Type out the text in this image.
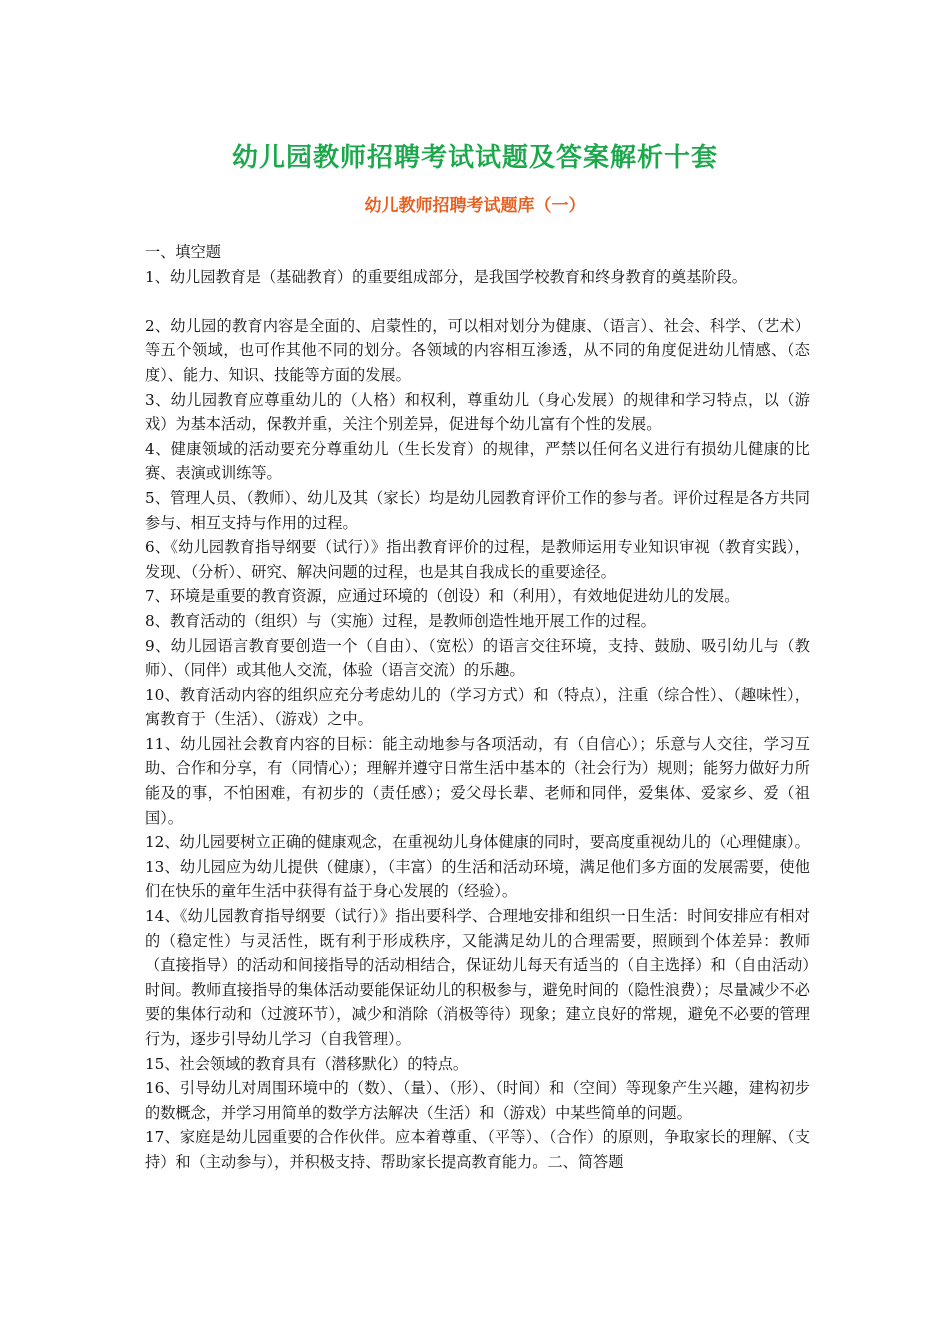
幼儿园教师招聘考试试题及答案解析十套
幼儿教师招聘考试题库（一）

一、填空题

1、幼儿园教育是（基础教育）的重要组成部分，是我国学校教育和终身教育的奠基阶段。

2、幼儿园的教育内容是全面的、启蒙性的，可以相对划分为健康、（语言）、社会、科学、（艺术）等五个领域，也可作其他不同的划分。各领域的内容相互渗透，从不同的角度促进幼儿情感、（态度）、能力、知识、技能等方面的发展。

3、幼儿园教育应尊重幼儿的（人格）和权利，尊重幼儿（身心发展）的规律和学习特点，以（游戏）为基本活动，保教并重，关注个别差异，促进每个幼儿富有个性的发展。

4、健康领域的活动要充分尊重幼儿（生长发育）的规律，严禁以任何名义进行有损幼儿健康的比赛、表演或训练等。

5、管理人员、（教师）、幼儿及其（家长）均是幼儿园教育评价工作的参与者。评价过程是各方共同参与、相互支持与作用的过程。

6、《幼儿园教育指导纲要（试行）》指出教育评价的过程，是教师运用专业知识审视（教育实践），发现、（分析）、研究、解决问题的过程，也是其自我成长的重要途径。

7、环境是重要的教育资源，应通过环境的（创设）和（利用），有效地促进幼儿的发展。

8、教育活动的（组织）与（实施）过程，是教师创造性地开展工作的过程。

9、幼儿园语言教育要创造一个（自由）、（宽松）的语言交往环境，支持、鼓励、吸引幼儿与（教师）、（同伴）或其他人交流，体验（语言交流）的乐趣。

10、教育活动内容的组织应充分考虑幼儿的（学习方式）和（特点），注重（综合性）、（趣味性），寓教育于（生活）、（游戏）之中。

11、幼儿园社会教育内容的目标：能主动地参与各项活动，有（自信心）；乐意与人交往，学习互助、合作和分享，有（同情心）；理解并遵守日常生活中基本的（社会行为）规则；能努力做好力所能及的事，不怕困难，有初步的（责任感）；爱父母长辈、老师和同伴，爱集体、爱家乡、爱（祖国）。

12、幼儿园要树立正确的健康观念，在重视幼儿身体健康的同时，要高度重视幼儿的（心理健康）。

13、幼儿园应为幼儿提供（健康），（丰富）的生活和活动环境，满足他们多方面的发展需要，使他们在快乐的童年生活中获得有益于身心发展的（经验）。

14、《幼儿园教育指导纲要（试行）》指出要科学、合理地安排和组织一日生活：时间安排应有相对的（稳定性）与灵活性，既有利于形成秩序，又能满足幼儿的合理需要，照顾到个体差异：教师（直接指导）的活动和间接指导的活动相结合，保证幼儿每天有适当的（自主选择）和（自由活动）时间。教师直接指导的集体活动要能保证幼儿的积极参与，避免时间的（隐性浪费）；尽量减少不必要的集体行动和（过渡环节），减少和消除（消极等待）现象；建立良好的常规，避免不必要的管理行为，逐步引导幼儿学习（自我管理）。

15、社会领域的教育具有（潜移默化）的特点。

16、引导幼儿对周围环境中的（数）、（量）、（形）、（时间）和（空间）等现象产生兴趣，建构初步的数概念，并学习用简单的数学方法解决（生活）和（游戏）中某些简单的问题。

17、家庭是幼儿园重要的合作伙伴。应本着尊重、（平等）、（合作）的原则，争取家长的理解、（支持）和（主动参与），并积极支持、帮助家长提高教育能力。二、简答题
